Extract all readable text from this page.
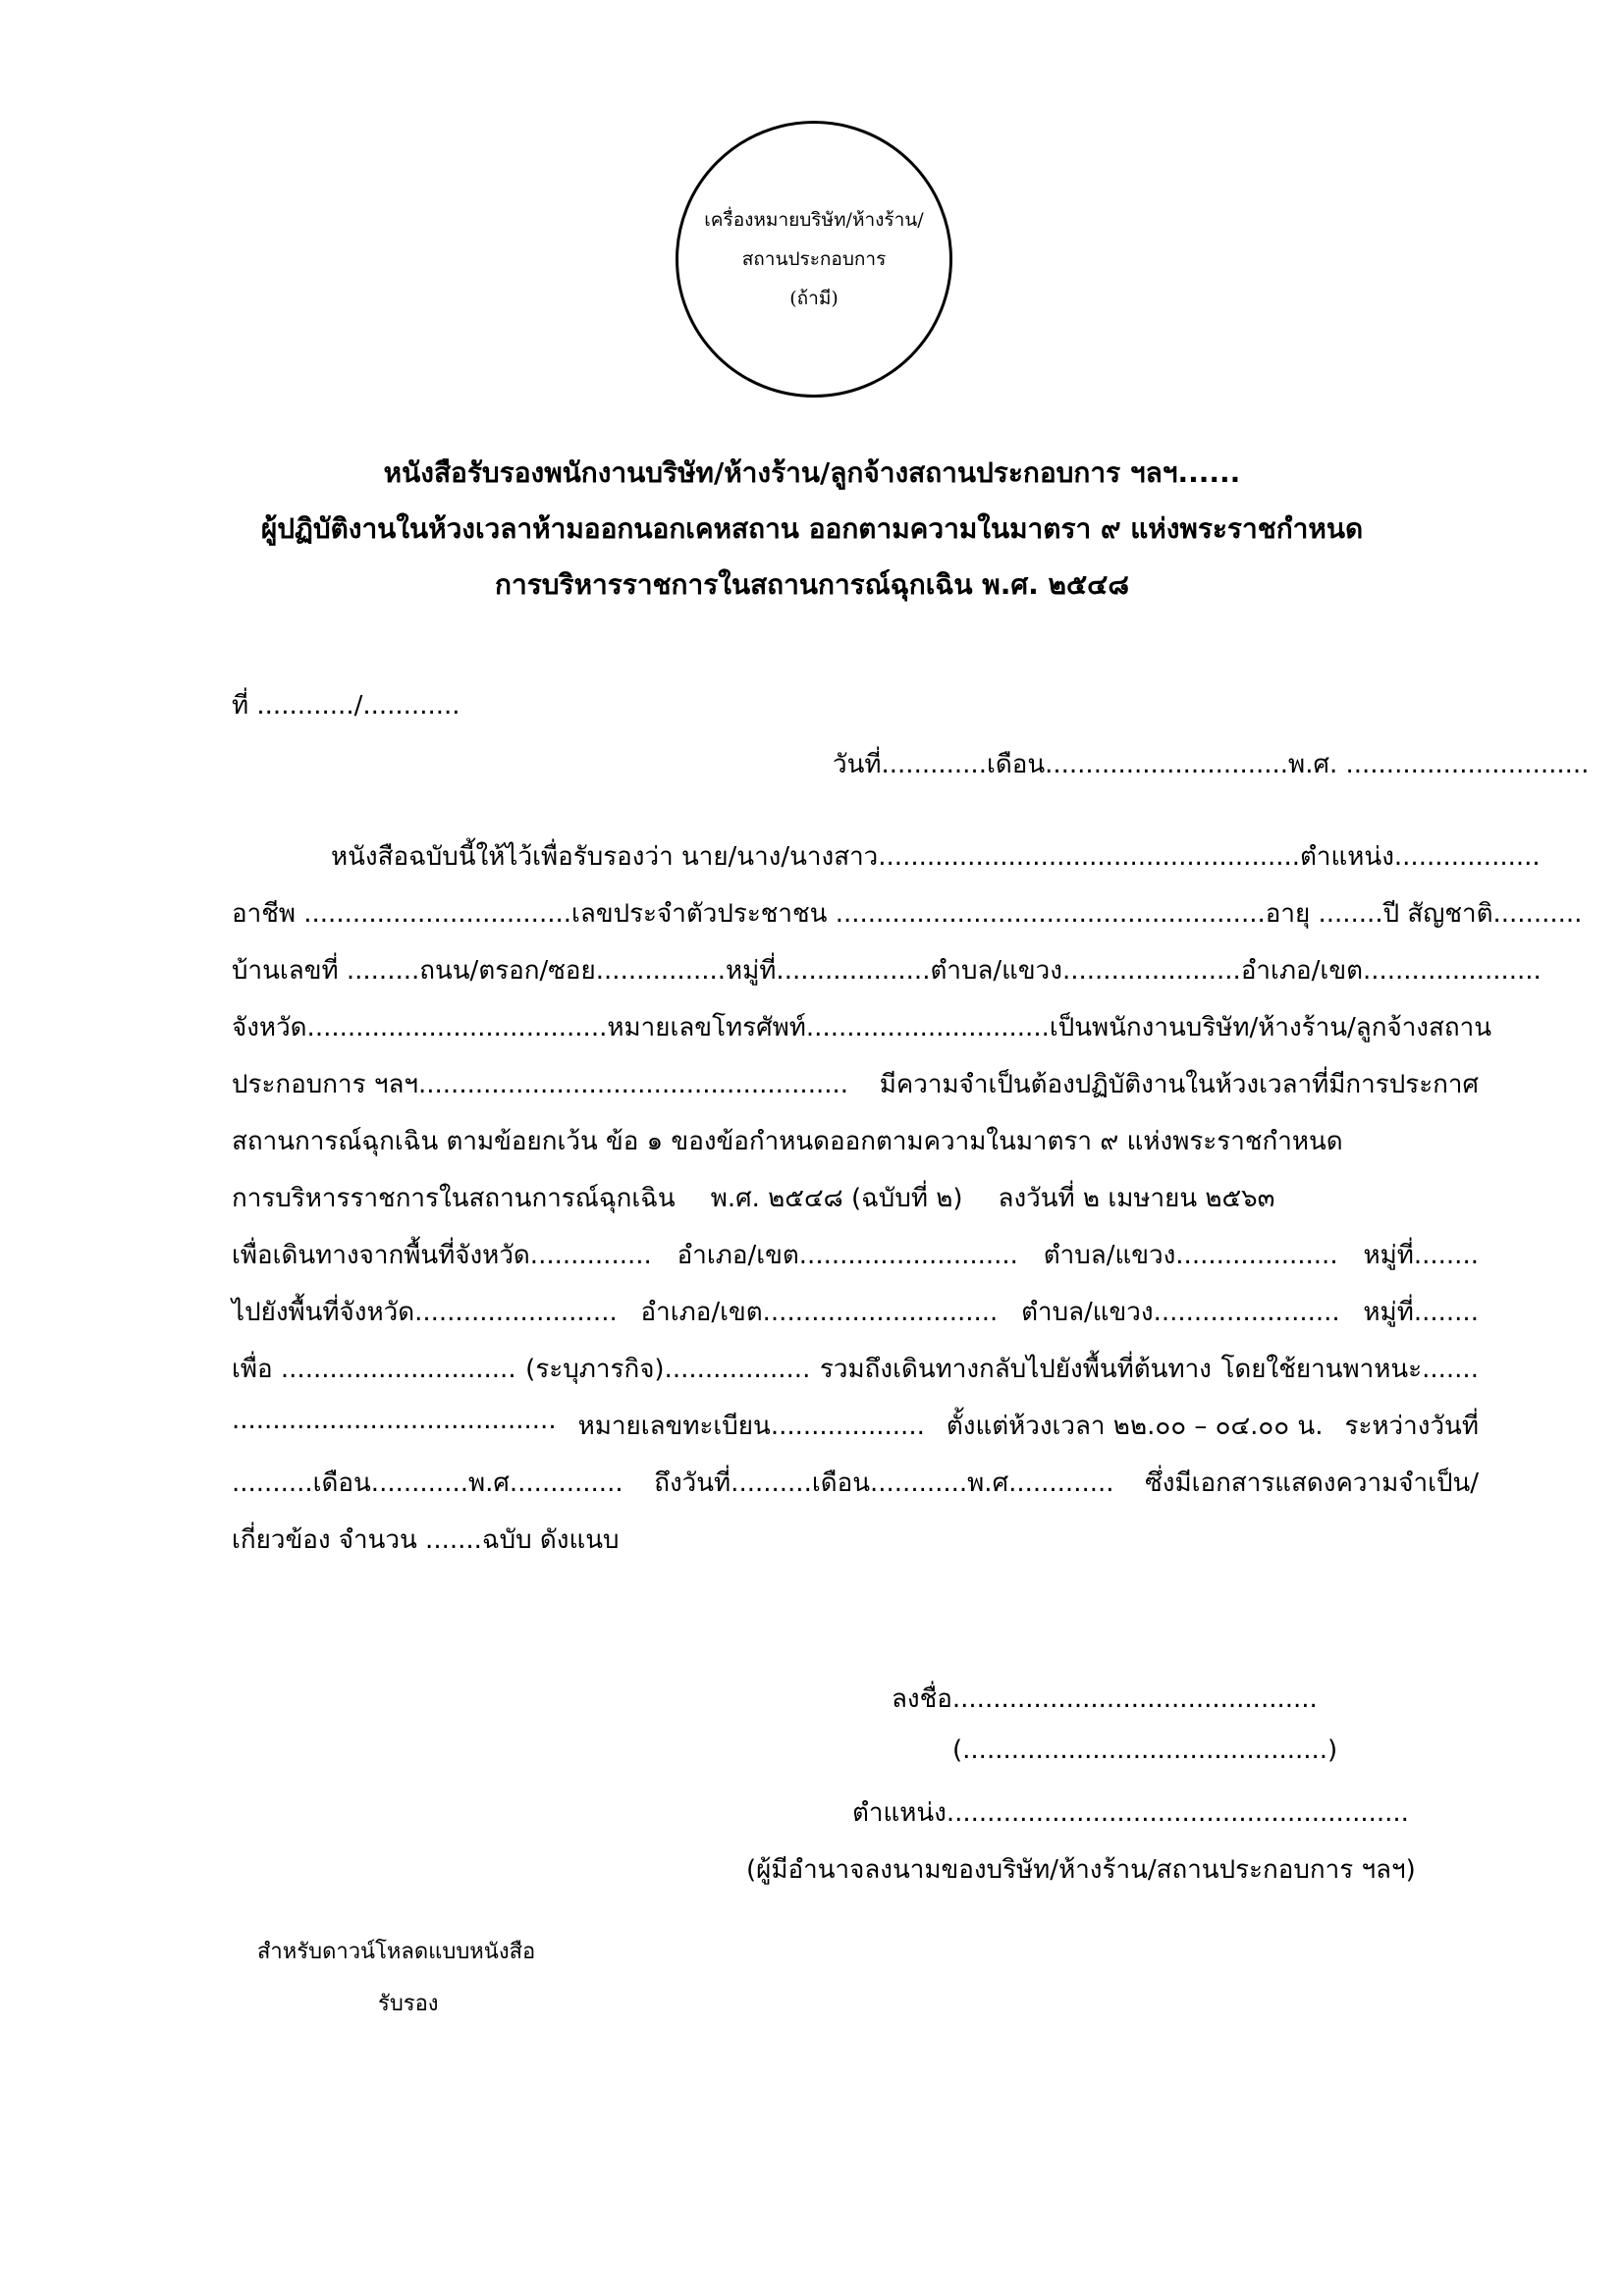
เครื่องหมายบริษัท/ห้างร้าน/
สถานประกอบการ
(ถ้ามี)
หนังสือรับรองพนักงานบริษัท/ห้างร้าน/ลูกจ้างสถานประกอบการ ฯลฯ......
ผู้ปฏิบัติงานในห้วงเวลาห้ามออกนอกเคหสถาน ออกตามความในมาตรา ๙ แห่งพระราชกำหนด
การบริหารราชการในสถานการณ์ฉุกเฉิน พ.ศ. ๒๕๔๘
ที่ ............/............
วันที่.............เดือน..............................พ.ศ. ..............................
หนังสือฉบับนี้ให้ไว้เพื่อรับรองว่า นาย/นาง/นางสาว.................................................... ตำแหน่ง..................
อาชีพ ................................. เลขประจำตัวประชาชน ..................................................... อายุ ........ ปี สัญชาติ...........
บ้านเลขที่ ......... ถนน/ตรอก/ซอย................ หมู่ที่................... ตำบล/แขวง...................... อำเภอ/เขต......................
จังหวัด..................................... หมายเลขโทรศัพท์.............................. เป็นพนักงานบริษัท/ห้างร้าน/ลูกจ้างสถาน
ประกอบการ ฯลฯ..................................................... มีความจำเป็นต้องปฏิบัติงานในห้วงเวลาที่มีการประกาศ
สถานการณ์ฉุกเฉิน ตามข้อยกเว้น ข้อ ๑ ของข้อกำหนดออกตามความในมาตรา ๙ แห่งพระราชกำหนด
การบริหารราชการในสถานการณ์ฉุกเฉิน พ.ศ. ๒๕๔๘ (ฉบับที่ ๒) ลงวันที่ ๒ เมษายน ๒๕๖๓
เพื่อเดินทางจากพื้นที่จังหวัด............... อำเภอ/เขต........................... ตำบล/แขวง.................... หมู่ที่........
ไปยังพื้นที่จังหวัด......................... อำเภอ/เขต............................. ตำบล/แขวง....................... หมู่ที่........
เพื่อ ............................. (ระบุภารกิจ).................. รวมถึงเดินทางกลับไปยังพื้นที่ต้นทาง โดยใช้ยานพาหนะ.......
........................................ หมายเลขทะเบียน................... ตั้งแต่ห้วงเวลา ๒๒.๐๐ – ๐๔.๐๐ น. ระหว่างวันที่
..........เดือน............พ.ศ.............. ถึงวันที่..........เดือน............พ.ศ............. ซึ่งมีเอกสารแสดงความจำเป็น/
เกี่ยวข้อง จำนวน .......ฉบับ ดังแนบ
ลงชื่อ.............................................
(.............................................)
ตำแหน่ง.........................................................
(ผู้มีอำนาจลงนามของบริษัท/ห้างร้าน/สถานประกอบการ ฯลฯ)
สำหรับดาวน์โหลดแบบหนังสือ
รับรอง
